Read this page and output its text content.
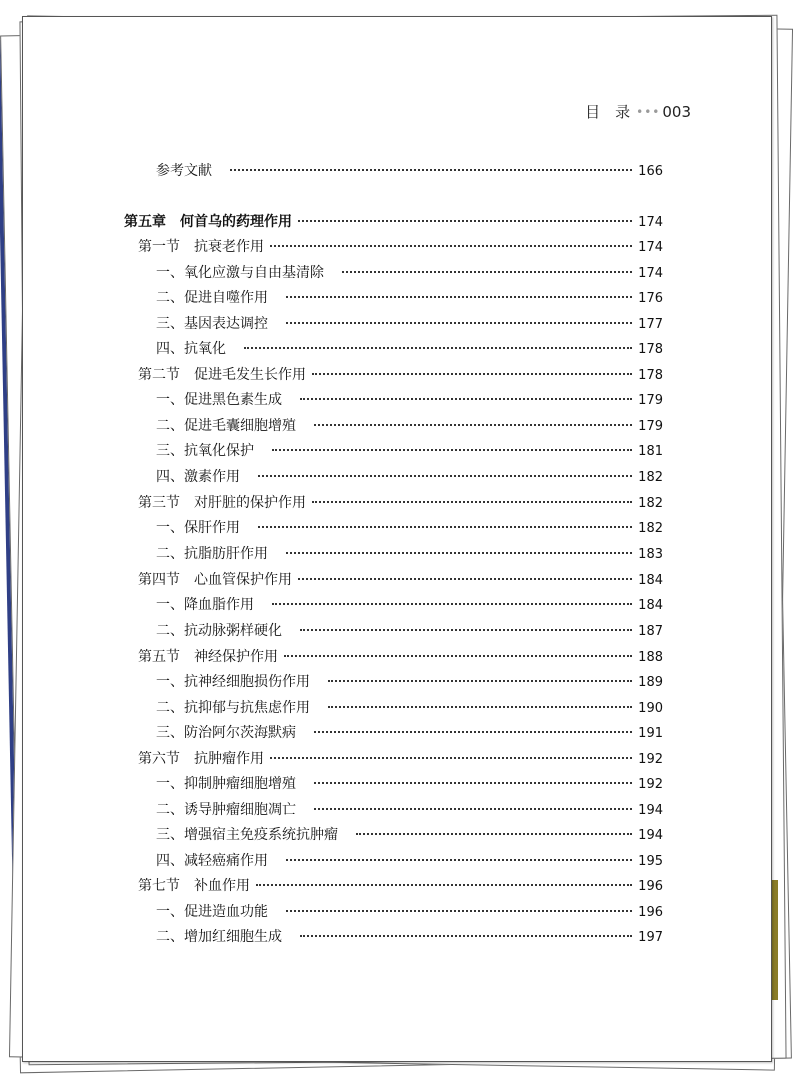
目　录 ••• 003
参考文献	166
第五章　何首乌的药理作用	174
第一节　抗衰老作用	174
一、氧化应激与自由基清除	174
二、促进自噬作用	176
三、基因表达调控	177
四、抗氧化	178
第二节　促进毛发生长作用	178
一、促进黑色素生成	179
二、促进毛囊细胞增殖	179
三、抗氧化保护	181
四、激素作用	182
第三节　对肝脏的保护作用	182
一、保肝作用	182
二、抗脂肪肝作用	183
第四节　心血管保护作用	184
一、降血脂作用	184
二、抗动脉粥样硬化	187
第五节　神经保护作用	188
一、抗神经细胞损伤作用	189
二、抗抑郁与抗焦虑作用	190
三、防治阿尔茨海默病	191
第六节　抗肿瘤作用	192
一、抑制肿瘤细胞增殖	192
二、诱导肿瘤细胞凋亡	194
三、增强宿主免疫系统抗肿瘤	194
四、减轻癌痛作用	195
第七节　补血作用	196
一、促进造血功能	196
二、增加红细胞生成	197
